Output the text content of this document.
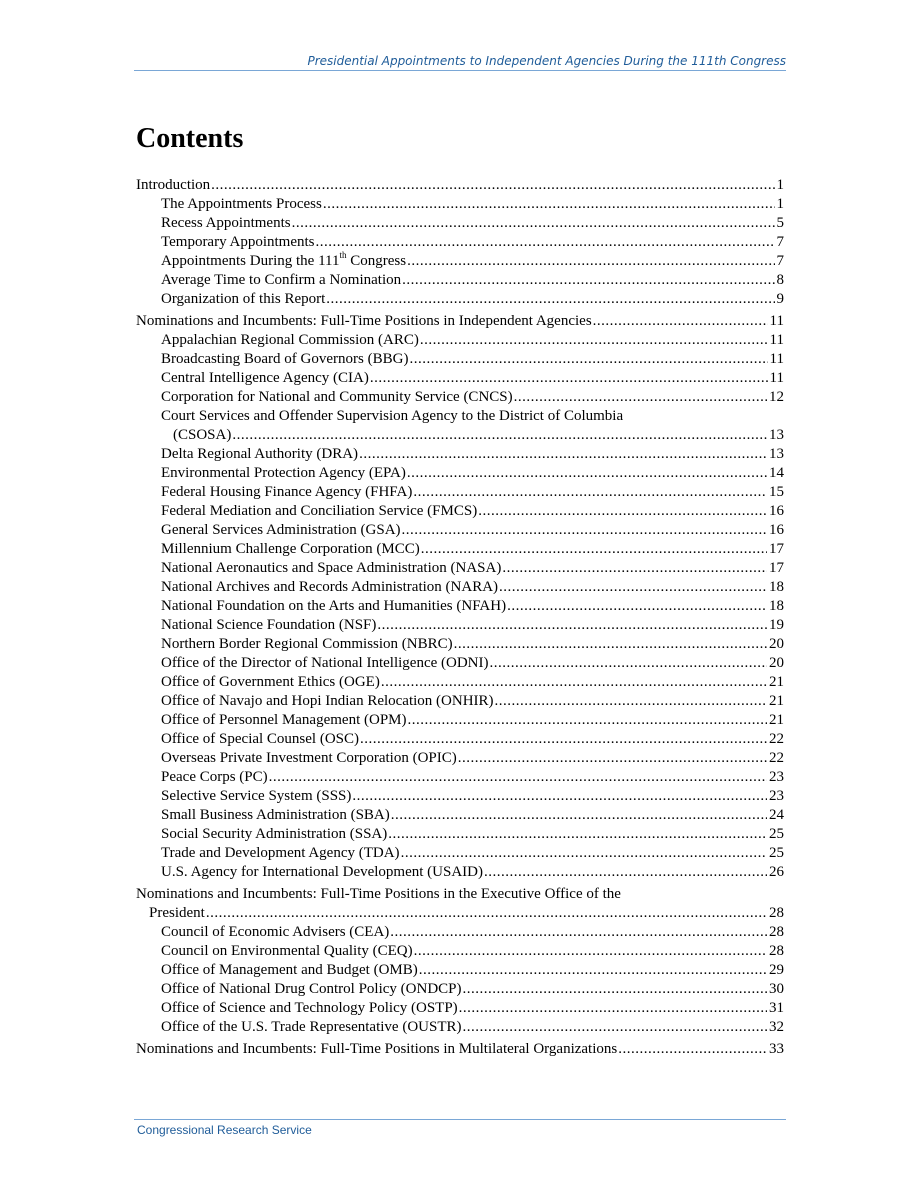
Presidential Appointments to Independent Agencies During the 111th Congress
Contents
Introduction .....	1
The Appointments Process .....	1
Recess Appointments .....	5
Temporary Appointments .....	7
Appointments During the 111th Congress .....	7
Average Time to Confirm a Nomination .....	8
Organization of this Report .....	9
Nominations and Incumbents: Full-Time Positions in Independent Agencies .....	11
Appalachian Regional Commission (ARC) .....	11
Broadcasting Board of Governors (BBG) .....	11
Central Intelligence Agency (CIA) .....	11
Corporation for National and Community Service (CNCS) .....	12
Court Services and Offender Supervision Agency to the District of Columbia
(CSOSA) .....	13
Delta Regional Authority (DRA) .....	13
Environmental Protection Agency (EPA) .....	14
Federal Housing Finance Agency (FHFA) .....	15
Federal Mediation and Conciliation Service (FMCS) .....	16
General Services Administration (GSA) .....	16
Millennium Challenge Corporation (MCC) .....	17
National Aeronautics and Space Administration (NASA) .....	17
National Archives and Records Administration (NARA) .....	18
National Foundation on the Arts and Humanities (NFAH) .....	18
National Science Foundation (NSF) .....	19
Northern Border Regional Commission (NBRC) .....	20
Office of the Director of National Intelligence (ODNI) .....	20
Office of Government Ethics (OGE) .....	21
Office of Navajo and Hopi Indian Relocation (ONHIR) .....	21
Office of Personnel Management (OPM) .....	21
Office of Special Counsel (OSC) .....	22
Overseas Private Investment Corporation (OPIC) .....	22
Peace Corps (PC) .....	23
Selective Service System (SSS) .....	23
Small Business Administration (SBA) .....	24
Social Security Administration (SSA) .....	25
Trade and Development Agency (TDA) .....	25
U.S. Agency for International Development (USAID) .....	26
Nominations and Incumbents: Full-Time Positions in the Executive Office of the
President .....	28
Council of Economic Advisers (CEA) .....	28
Council on Environmental Quality (CEQ) .....	28
Office of Management and Budget (OMB) .....	29
Office of National Drug Control Policy (ONDCP) .....	30
Office of Science and Technology Policy (OSTP) .....	31
Office of the U.S. Trade Representative (OUSTR) .....	32
Nominations and Incumbents: Full-Time Positions in Multilateral Organizations .....	33
Congressional Research Service
